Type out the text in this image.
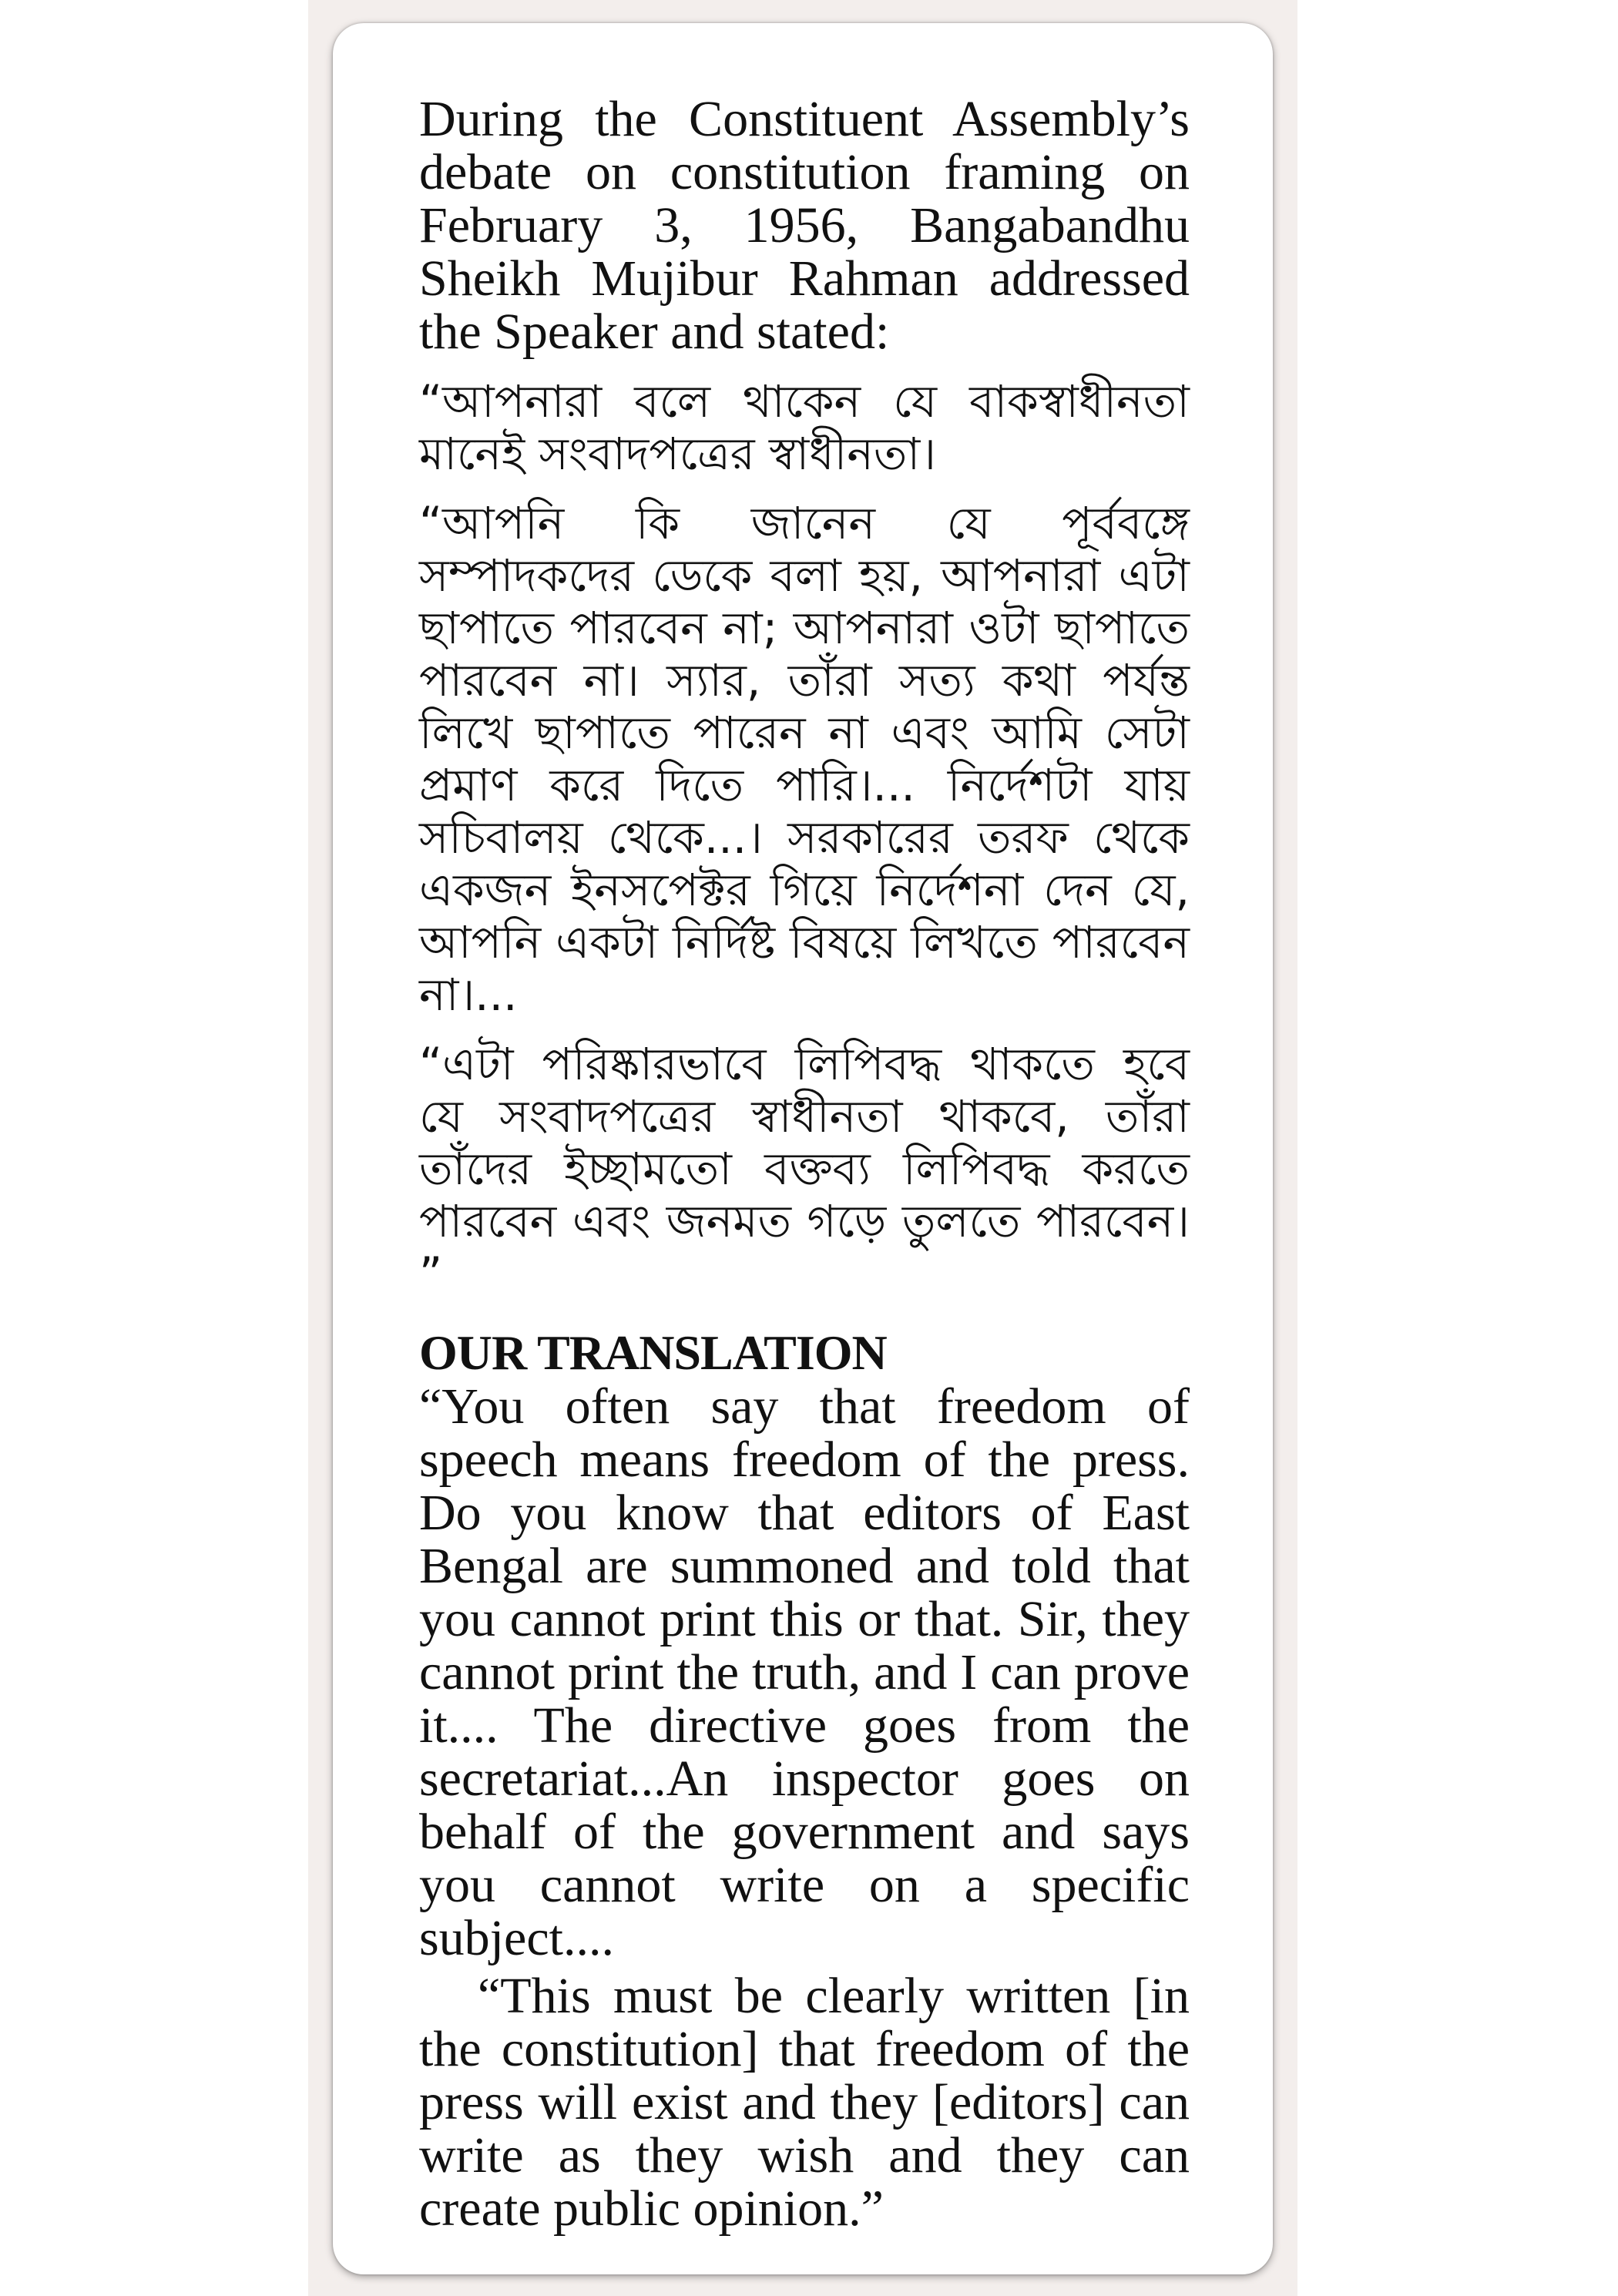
During the Constituent Assembly’s debate on constitution framing on February 3, 1956, Bangabandhu Sheikh Mujibur Rahman addressed the Speaker and stated:

“আপনারা বলে থাকেন যে বাকস্বাধীনতা মানেই সংবাদপত্রের স্বাধীনতা।

“আপনি কি জানেন যে পূর্ববঙ্গে সম্পাদকদের ডেকে বলা হয়, আপনারা এটা ছাপাতে পারবেন না; আপনারা ওটা ছাপাতে পারবেন না। স্যার, তাঁরা সত্য কথা পর্যন্ত লিখে ছাপাতে পারেন না এবং আমি সেটা প্রমাণ করে দিতে পারি।... নির্দেশটা যায় সচিবালয় থেকে...। সরকারের তরফ থেকে একজন ইনসপেক্টর গিয়ে নির্দেশনা দেন যে, আপনি একটা নির্দিষ্ট বিষয়ে লিখতে পারবেন না।...

“এটা পরিষ্কারভাবে লিপিবদ্ধ থাকতে হবে যে সংবাদপত্রের স্বাধীনতা থাকবে, তাঁরা তাঁদের ইচ্ছামতো বক্তব্য লিপিবদ্ধ করতে পারবেন এবং জনমত গড়ে তুলতে পারবেন। ”

OUR TRANSLATION

“You often say that freedom of speech means freedom of the press. Do you know that editors of East Bengal are summoned and told that you cannot print this or that. Sir, they cannot print the truth, and I can prove it.... The directive goes from the secretariat...An inspector goes on behalf of the government and says you cannot write on a specific subject....

“This must be clearly written [in the constitution] that freedom of the press will exist and they [editors] can write as they wish and they can create public opinion.”
